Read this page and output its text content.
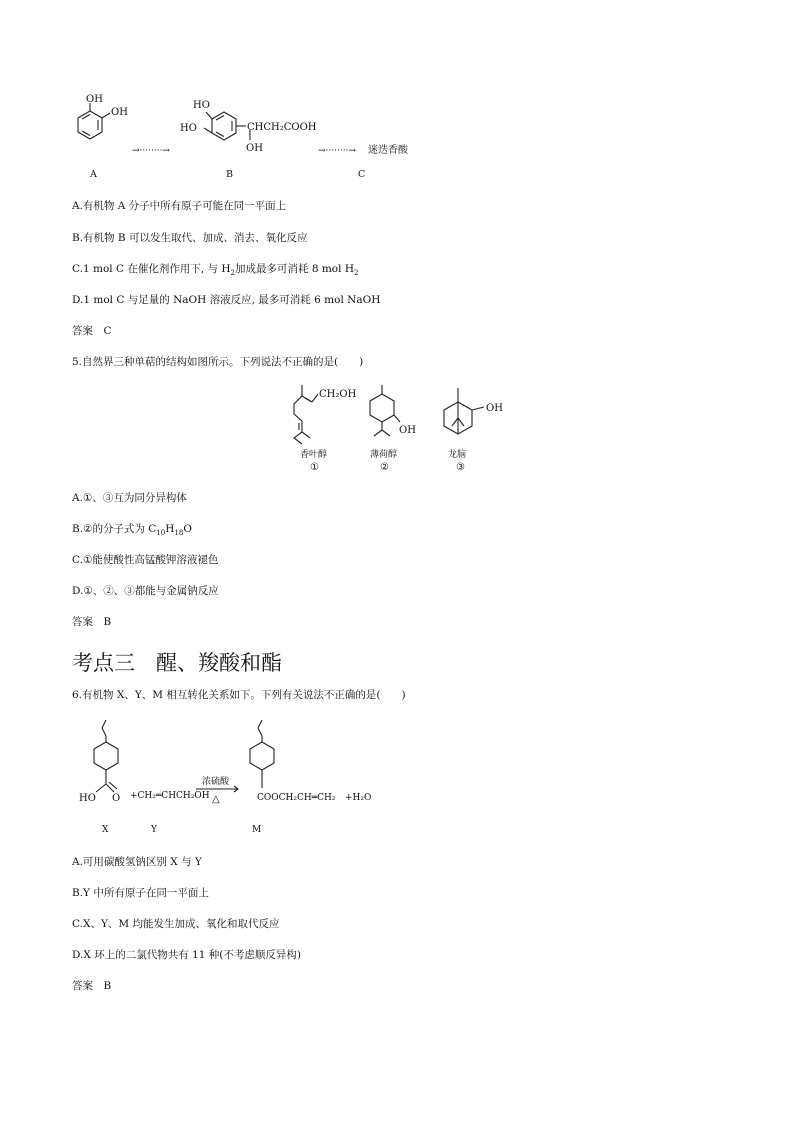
OH
OH
→········→
HO
HO	CHCH₂COOH
OH	→········→ 迷迭香酸
A	B	C
A.有机物 A 分子中所有原子可能在同一平面上
B.有机物 B 可以发生取代、加成、消去、氧化反应
C.1 mol C 在催化剂作用下, 与 $H_2$加成最多可消耗 8 mol $H_2$
D.1 mol C 与足量的 NaOH 溶液反应, 最多可消耗 6 mol NaOH
答案　C
5.自然界三种单萜的结构如图所示。下列说法不正确的是(　　)
CH₂OH
OH
OH
香叶醇
①
薄荷醇
②
龙脑
③
A.①、③互为同分异构体
B.②的分子式为 $C_{10}H_{18}O$
C.①能使酸性高锰酸钾溶液褪色
D.①、②、③都能与金属钠反应
答案　B
考点三　醒、羧酸和酯
6.有机物 X、Y、M 相互转化关系如下。下列有关说法不正确的是(　　)
HO O +CH₂═CHCH₂OH
浓硫酸
△	COOCH₂CH═CH₂ +H₂O
X	Y	M
A.可用碳酸氢钠区别 X 与 Y
B.Y 中所有原子在同一平面上
C.X、Y、M 均能发生加成、氧化和取代反应
D.X 环上的二氯代物共有 11 种(不考虑顺反异构)
答案　B
